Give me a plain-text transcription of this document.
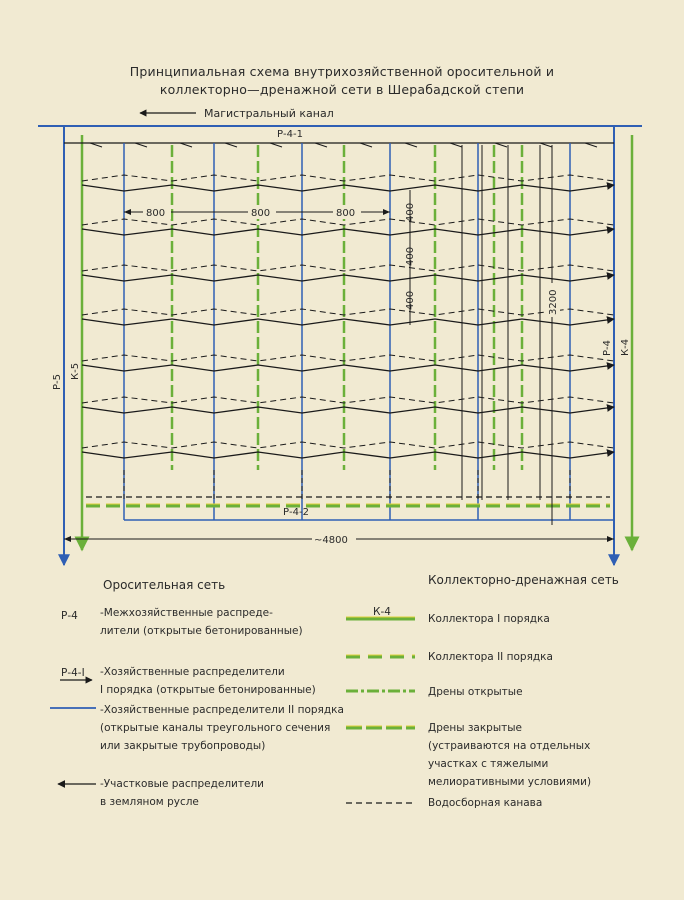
Принципиальная схема внутрихозяйственной оросительной и
коллекторно—дренажной сети в Шерабадской степи
Магистральный канал
Р-4-1
Р-4-2
Р-5
К-5
Р-4 К-4
800	800	800	400
400
400	3200
~4800
Оросительная сеть	Коллекторно-дренажная сеть
Р-4 -Межхозяйственные распреде-
лители (открытые бетонированные)
Р-4-I -Хозяйственные распределители
I порядка (открытые бетонированные)
-Хозяйственные распределители II порядка
(открытые каналы треугольного сечения
или закрытые трубопроводы)
-Участковые распределители
в земляном русле
К-4
Коллектора I порядка
Коллектора II порядка
Дрены открытые
Дрены закрытые
(устраиваются на отдельных
участках с тяжелыми
мелиоративными условиями)
Водосборная канава
